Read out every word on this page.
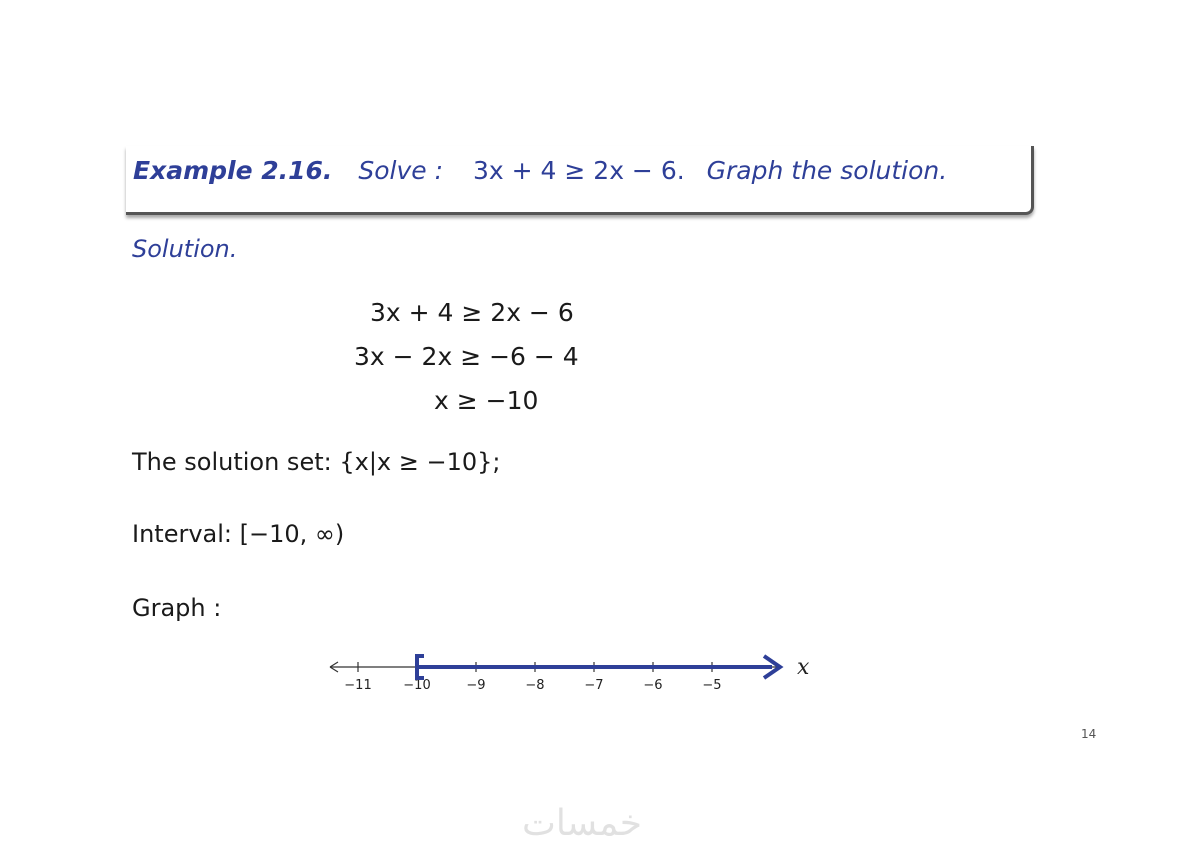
Example 2.16. Solve : 3x + 4 ≥ 2x − 6. Graph the solution.
Solution.
3x + 4 ≥ 2x − 6
3x − 2x ≥ −6 − 4
x ≥ −10
The solution set: {x|x ≥ −10};
Interval: [−10, ∞)
Graph :
−11 −10	−9	−8	−7	−6	−5
x
14
خمسات
